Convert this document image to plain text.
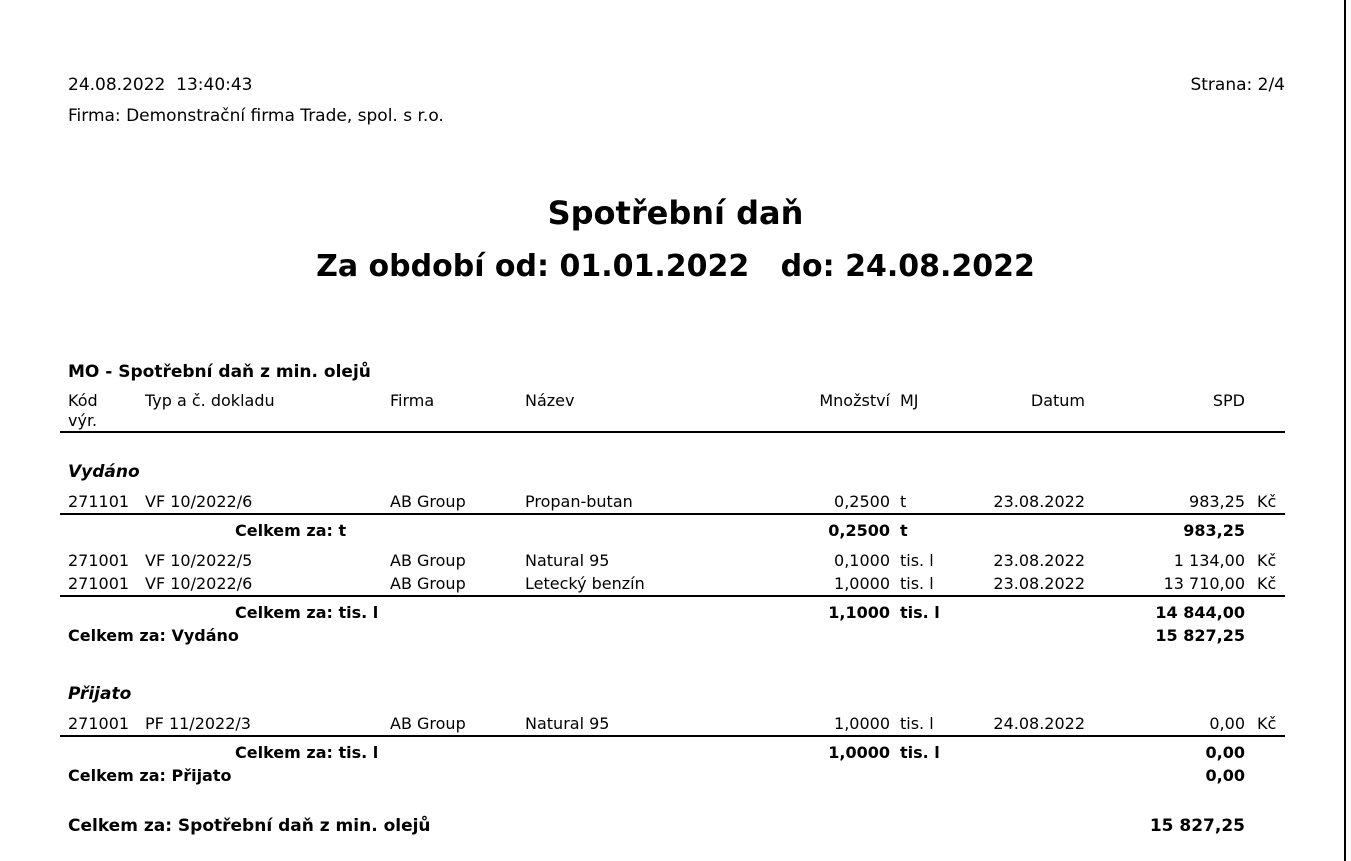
24.08.2022  13:40:43
Firma: Demonstrační firma Trade, spol. s r.o.
Strana: 2/4
Spotřební daň
Za období od: 01.01.2022   do: 24.08.2022
MO - Spotřební daň z min. olejů
Kód
výr.
Typ a č. dokladu	Firma	Název	Množství MJ	Datum	SPD
Vydáno
271101 VF 10/2022/6	AB Group	Propan-butan	0,2500 t	23.08.2022	983,25 Kč
Celkem za: t	0,2500 t	983,25
271001 VF 10/2022/5	AB Group	Natural 95	0,1000 tis. l	23.08.2022	1 134,00 Kč
271001 VF 10/2022/6	AB Group	Letecký benzín	1,0000 tis. l	23.08.2022	13 710,00 Kč
Celkem za: tis. l	1,1000 tis. l	14 844,00
Celkem za: Vydáno	15 827,25
Přijato
271001 PF 11/2022/3	AB Group	Natural 95	1,0000 tis. l	24.08.2022	0,00 Kč
Celkem za: tis. l	1,0000 tis. l	0,00
Celkem za: Přijato	0,00
Celkem za: Spotřební daň z min. olejů	15 827,25
